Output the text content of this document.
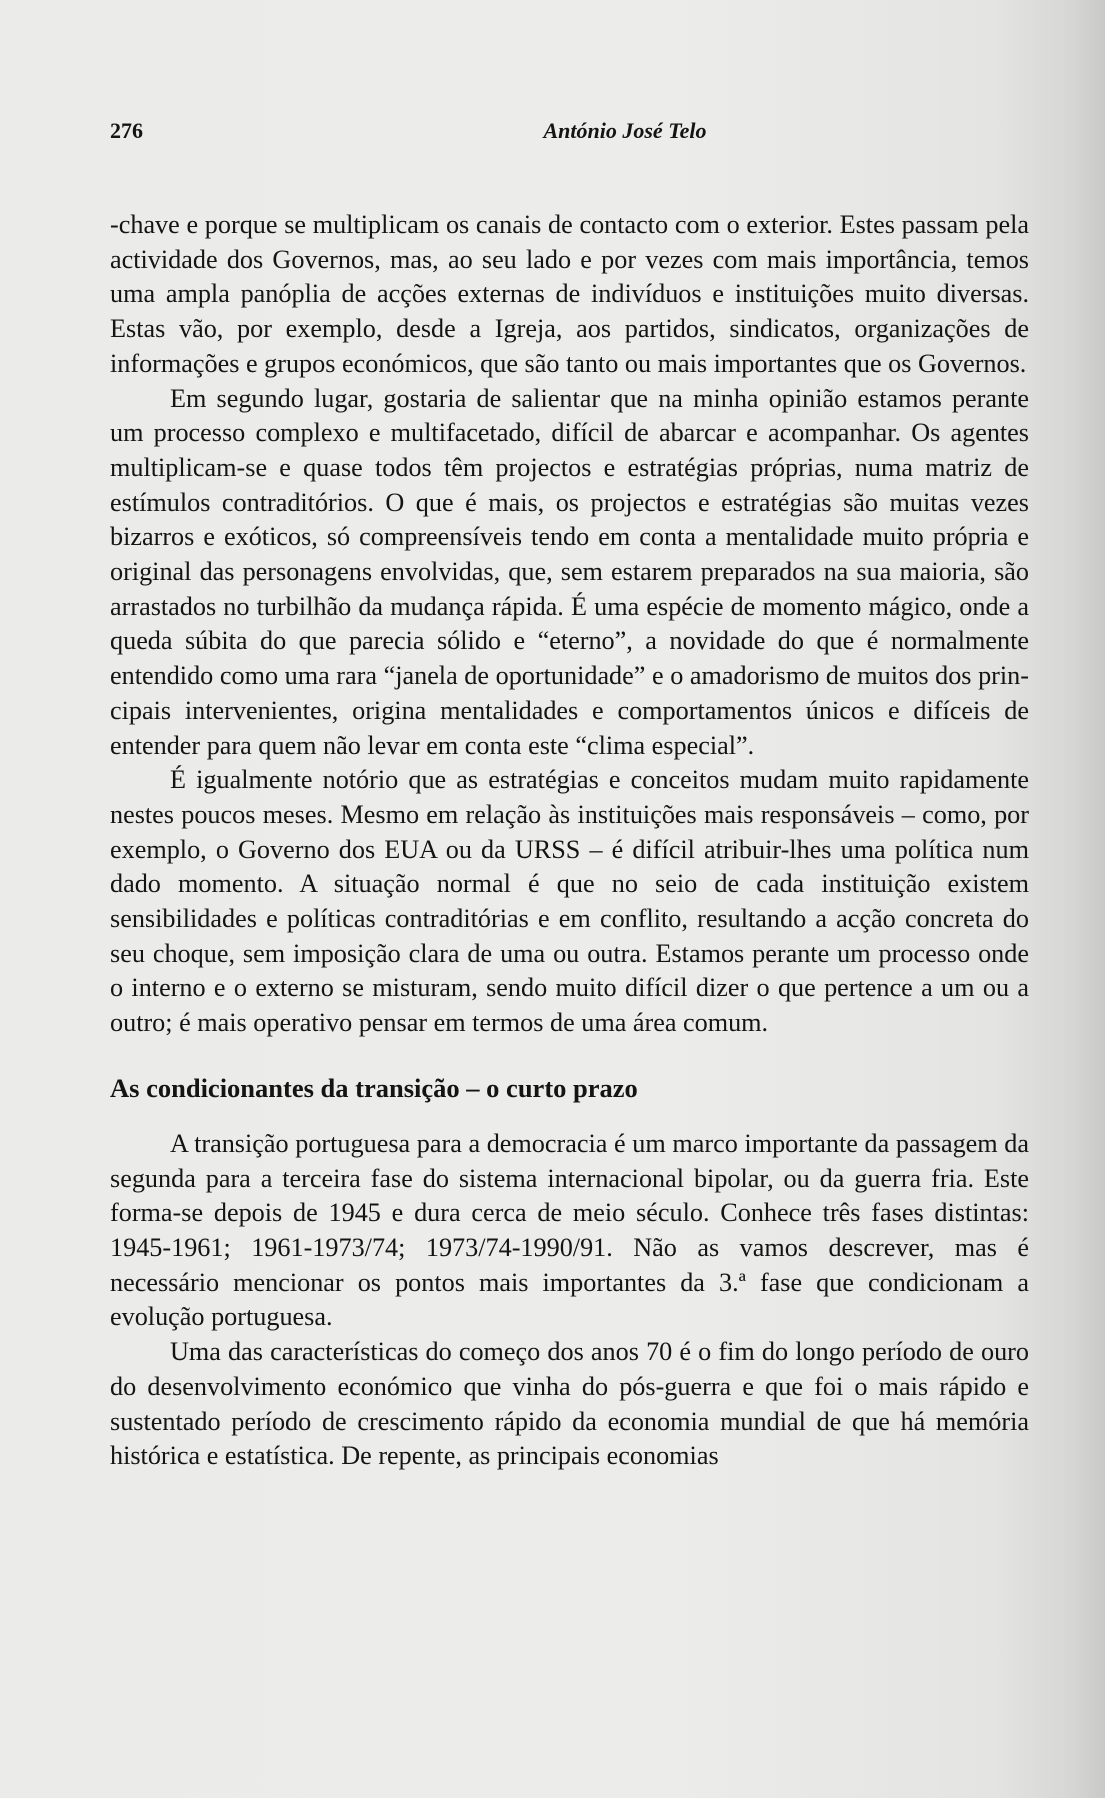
276	António José Telo

-chave e porque se multiplicam os canais de contacto com o exterior. Estes passam pela actividade dos Governos, mas, ao seu lado e por vezes com mais importância, temos uma ampla panóplia de acções externas de indivíduos e instituições muito diversas. Estas vão, por exemplo, desde a Igreja, aos partidos, sindicatos, organizações de informações e grupos económicos, que são tanto ou mais importantes que os Governos.

Em segundo lugar, gostaria de salientar que na minha opinião estamos perante um processo complexo e multifacetado, difícil de abarcar e acompanhar. Os agentes multiplicam-se e quase todos têm projectos e estratégias próprias, numa matriz de estímulos contraditórios. O que é mais, os projectos e estratégias são muitas vezes bizarros e exóticos, só compreensíveis tendo em conta a mentalidade muito própria e original das personagens envolvidas, que, sem estarem preparados na sua maioria, são arrastados no turbilhão da mudança rápida. É uma espécie de momento mágico, onde a queda súbita do que parecia sólido e “eterno”, a novidade do que é normalmente entendido como uma rara “janela de oportunidade” e o amadorismo de muitos dos principais intervenientes, origina mentalidades e comportamentos únicos e difíceis de entender para quem não levar em conta este “clima especial”.

É igualmente notório que as estratégias e conceitos mudam muito rapidamente nestes poucos meses. Mesmo em relação às instituições mais responsáveis – como, por exemplo, o Governo dos EUA ou da URSS – é difícil atribuir-lhes uma política num dado momento. A situação normal é que no seio de cada instituição existem sensibilidades e políticas contraditórias e em conflito, resultando a acção concreta do seu choque, sem imposição clara de uma ou outra. Estamos perante um processo onde o interno e o externo se misturam, sendo muito difícil dizer o que pertence a um ou a outro; é mais operativo pensar em termos de uma área comum.

As condicionantes da transição – o curto prazo

A transição portuguesa para a democracia é um marco importante da passagem da segunda para a terceira fase do sistema internacional bipolar, ou da guerra fria. Este forma-se depois de 1945 e dura cerca de meio século. Conhece três fases distintas: 1945-1961; 1961-1973/74; 1973/74-1990/91. Não as vamos descrever, mas é necessário mencionar os pontos mais importantes da 3.ª fase que condicionam a evolução portuguesa.

Uma das características do começo dos anos 70 é o fim do longo período de ouro do desenvolvimento económico que vinha do pós-guerra e que foi o mais rápido e sustentado período de crescimento rápido da economia mundial de que há memória histórica e estatística. De repente, as principais economias
